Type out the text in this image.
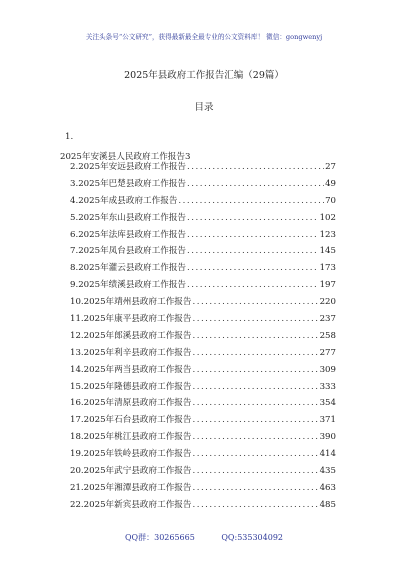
关注头条号“公文研究”，获得最新最全最专业的公文资料库！ 微信：gongwenyj
2025年县政府工作报告汇编（29篇）
目录
1.
2025年安溪县人民政府工作报告3
2. 2025年安远县政府工作报告 .....	27
3. 2025年巴楚县政府工作报告 .....	49
4. 2025年成县政府工作报告 .....	70
5. 2025年东山县政府工作报告 .....	102
6. 2025年法库县政府工作报告 .....	123
7. 2025年凤台县政府工作报告 .....	145
8. 2025年灌云县政府工作报告 .....	173
9. 2025年绩溪县政府工作报告 .....	197
10. 2025年靖州县政府工作报告 .....	220
11. 2025年康平县政府工作报告 .....	237
12. 2025年郎溪县政府工作报告 .....	258
13. 2025年利辛县政府工作报告 .....	277
14. 2025年两当县政府工作报告 .....	309
15. 2025年隆德县政府工作报告 .....	333
16. 2025年清原县政府工作报告 .....	354
17. 2025年石台县政府工作报告 .....	371
18. 2025年桃江县政府工作报告 .....	390
19. 2025年铁岭县政府工作报告 .....	414
20. 2025年武宁县政府工作报告 .....	435
21. 2025年湘潭县政府工作报告 .....	463
22. 2025年新宾县政府工作报告 .....	485
QQ群：30265665	QQ:535304092
